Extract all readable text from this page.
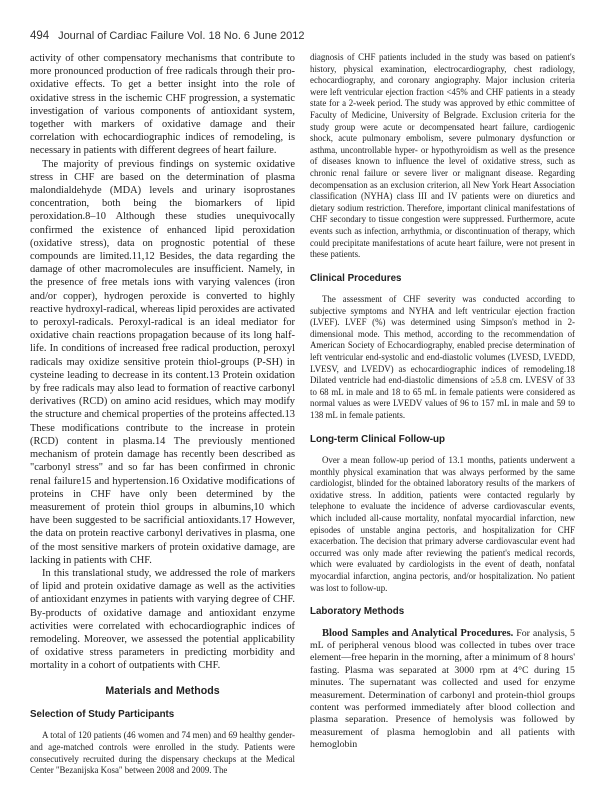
494 Journal of Cardiac Failure Vol. 18 No. 6 June 2012

activity of other compensatory mechanisms that contribute to more pronounced production of free radicals through their pro-oxidative effects. To get a better insight into the role of oxidative stress in the ischemic CHF progression, a systematic investigation of various components of antioxidant system, together with markers of oxidative damage and their correlation with echocardiographic indices of remodeling, is necessary in patients with different degrees of heart failure.

The majority of previous findings on systemic oxidative stress in CHF are based on the determination of plasma malondialdehyde (MDA) levels and urinary isoprostanes concentration, both being the biomarkers of lipid peroxidation.8–10 Although these studies unequivocally confirmed the existence of enhanced lipid peroxidation (oxidative stress), data on prognostic potential of these compounds are limited.11,12 Besides, the data regarding the damage of other macromolecules are insufficient. Namely, in the presence of free metals ions with varying valences (iron and/or copper), hydrogen peroxide is converted to highly reactive hydroxyl-radical, whereas lipid peroxides are activated to peroxyl-radicals. Peroxyl-radical is an ideal mediator for oxidative chain reactions propagation because of its long half-life. In conditions of increased free radical production, peroxyl radicals may oxidize sensitive protein thiol-groups (P-SH) in cysteine leading to decrease in its content.13 Protein oxidation by free radicals may also lead to formation of reactive carbonyl derivatives (RCD) on amino acid residues, which may modify the structure and chemical properties of the proteins affected.13 These modifications contribute to the increase in protein (RCD) content in plasma.14 The previously mentioned mechanism of protein damage has recently been described as "carbonyl stress" and so far has been confirmed in chronic renal failure15 and hypertension.16 Oxidative modifications of proteins in CHF have only been determined by the measurement of protein thiol groups in albumins,10 which have been suggested to be sacrificial antioxidants.17 However, the data on protein reactive carbonyl derivatives in plasma, one of the most sensitive markers of protein oxidative damage, are lacking in patients with CHF.

In this translational study, we addressed the role of markers of lipid and protein oxidative damage as well as the activities of antioxidant enzymes in patients with varying degree of CHF. By-products of oxidative damage and antioxidant enzyme activities were correlated with echocardiographic indices of remodeling. Moreover, we assessed the potential applicability of oxidative stress parameters in predicting morbidity and mortality in a cohort of outpatients with CHF.

Materials and Methods
Selection of Study Participants

A total of 120 patients (46 women and 74 men) and 69 healthy gender- and age-matched controls were enrolled in the study. Patients were consecutively recruited during the dispensary checkups at the Medical Center "Bezanijska Kosa" between 2008 and 2009. The

diagnosis of CHF patients included in the study was based on patient's history, physical examination, electrocardiography, chest radiology, echocardiography, and coronary angiography. Major inclusion criteria were left ventricular ejection fraction <45% and CHF patients in a steady state for a 2-week period. The study was approved by ethic committee of Faculty of Medicine, University of Belgrade. Exclusion criteria for the study group were acute or decompensated heart failure, cardiogenic shock, acute pulmonary embolism, severe pulmonary dysfunction or asthma, uncontrollable hyper- or hypothyroidism as well as the presence of diseases known to influence the level of oxidative stress, such as chronic renal failure or severe liver or malignant disease. Regarding decompensation as an exclusion criterion, all New York Heart Association classification (NYHA) class III and IV patients were on diuretics and dietary sodium restriction. Therefore, important clinical manifestations of CHF secondary to tissue congestion were suppressed. Furthermore, acute events such as infection, arrhythmia, or discontinuation of therapy, which could precipitate manifestations of acute heart failure, were not present in these patients.

Clinical Procedures

The assessment of CHF severity was conducted according to subjective symptoms and NYHA and left ventricular ejection fraction (LVEF). LVEF (%) was determined using Simpson's method in 2-dimensional mode. This method, according to the recommendation of American Society of Echocardiography, enabled precise determination of left ventricular end-systolic and end-diastolic volumes (LVESD, LVEDD, LVESV, and LVEDV) as echocardiographic indices of remodeling.18 Dilated ventricle had end-diastolic dimensions of ≥5.8 cm. LVESV of 33 to 68 mL in male and 18 to 65 mL in female patients were considered as normal values as were LVEDV values of 96 to 157 mL in male and 59 to 138 mL in female patients.

Long-term Clinical Follow-up

Over a mean follow-up period of 13.1 months, patients underwent a monthly physical examination that was always performed by the same cardiologist, blinded for the obtained laboratory results of the markers of oxidative stress. In addition, patients were contacted regularly by telephone to evaluate the incidence of adverse cardiovascular events, which included all-cause mortality, nonfatal myocardial infarction, new episodes of unstable angina pectoris, and hospitalization for CHF exacerbation. The decision that primary adverse cardiovascular event had occurred was only made after reviewing the patient's medical records, which were evaluated by cardiologists in the event of death, nonfatal myocardial infarction, angina pectoris, and/or hospitalization. No patient was lost to follow-up.

Laboratory Methods

Blood Samples and Analytical Procedures. For analysis, 5 mL of peripheral venous blood was collected in tubes over trace element—free heparin in the morning, after a minimum of 8 hours' fasting. Plasma was separated at 3000 rpm at 4°C during 15 minutes. The supernatant was collected and used for enzyme measurement. Determination of carbonyl and protein-thiol groups content was performed immediately after blood collection and plasma separation. Presence of hemolysis was followed by measurement of plasma hemoglobin and all patients with hemoglobin
